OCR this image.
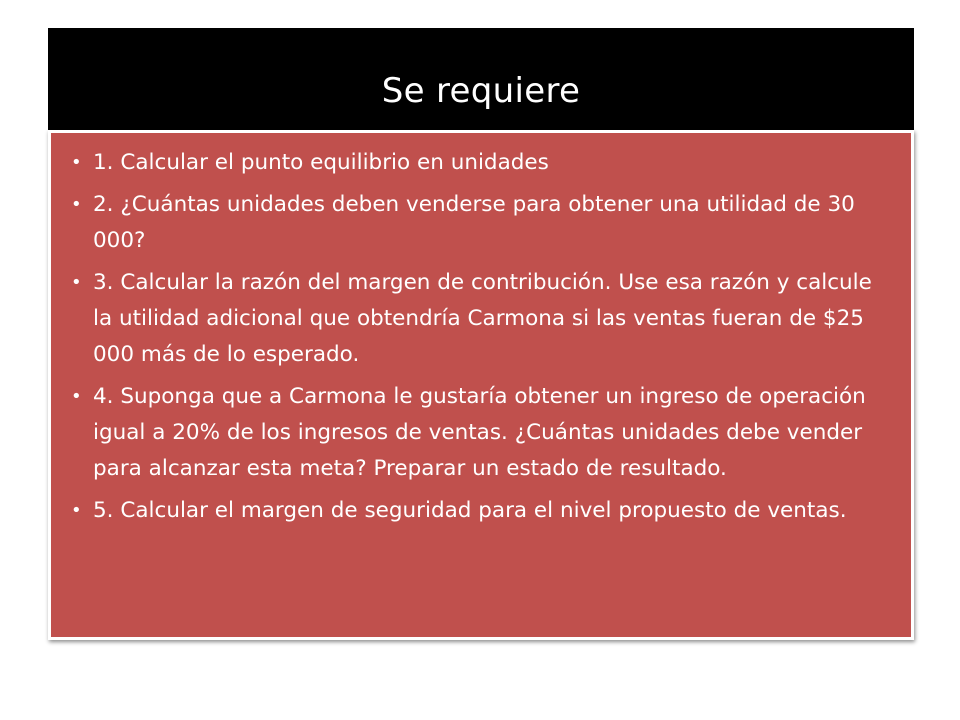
Se requiere
• 1. Calcular el punto equilibrio en unidades
• 2. ¿Cuántas unidades deben venderse para obtener una utilidad de 30 000?
• 3. Calcular la razón del margen de contribución. Use esa razón y calcule la utilidad adicional que obtendría Carmona si las ventas fueran de $25 000 más de lo esperado.
• 4. Suponga que a Carmona le gustaría obtener un ingreso de operación igual a 20% de los ingresos de ventas. ¿Cuántas unidades debe vender para alcanzar esta meta? Preparar un estado de resultado.
• 5. Calcular el margen de seguridad para el nivel propuesto de ventas.
